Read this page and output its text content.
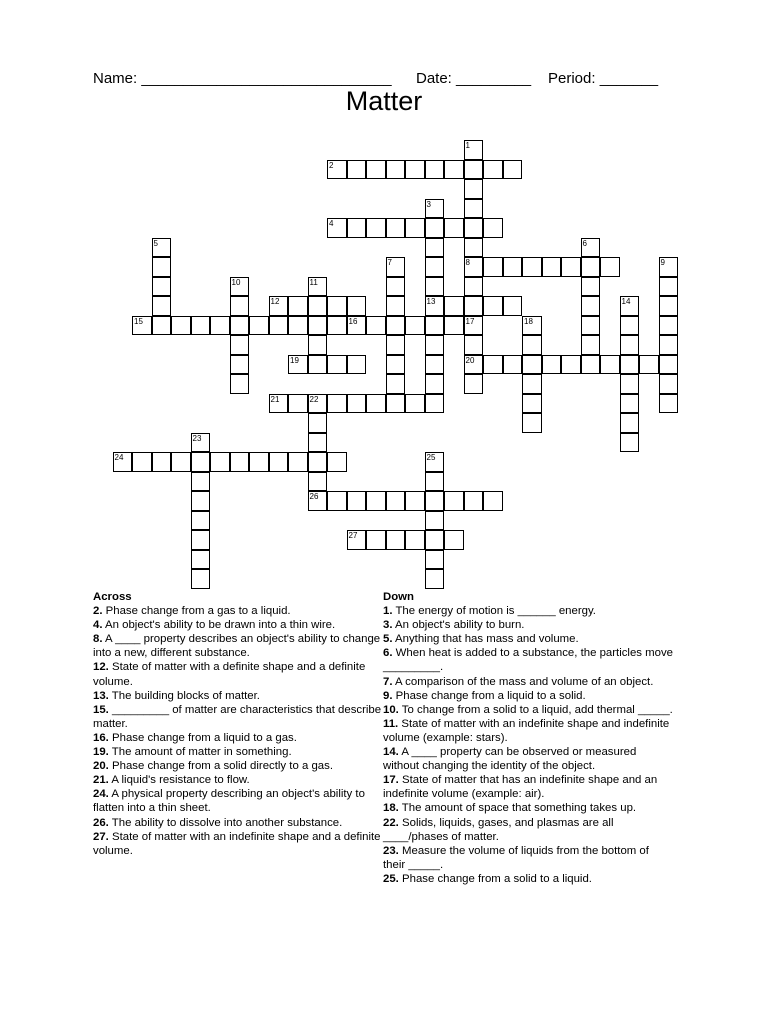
Name: ______________________________ Date: _________ Period: _______
Matter
1
8
17
20
2
3
13
4
5	6
7	9
10	11
12	14
15	16	18
19
21	22
23
24	25
26
27
Across
2. Phase change from a gas to a liquid.
4. An object's ability to be drawn into a thin wire.
8. A ____ property describes an object's ability to change into a new, different substance.
12. State of matter with a definite shape and a definite volume.
13. The building blocks of matter.
15. _________ of matter are characteristics that describe matter.
16. Phase change from a liquid to a gas.
19. The amount of matter in something.
20. Phase change from a solid directly to a gas.
21. A liquid's resistance to flow.
24. A physical property describing an object's ability to flatten into a thin sheet.
26. The ability to dissolve into another substance.
27. State of matter with an indefinite shape and a definite volume.
Down
1. The energy of motion is ______ energy.
3. An object's ability to burn.
5. Anything that has mass and volume.
6. When heat is added to a substance, the particles move _________.
7. A comparison of the mass and volume of an object.
9. Phase change from a liquid to a solid.
10. To change from a solid to a liquid, add thermal _____.
11. State of matter with an indefinite shape and indefinite volume (example: stars).
14. A ____ property can be observed or measured without changing the identity of the object.
17. State of matter that has an indefinite shape and an indefinite volume (example: air).
18. The amount of space that something takes up.
22. Solids, liquids, gases, and plasmas are all ____/phases of matter.
23. Measure the volume of liquids from the bottom of their _____.
25. Phase change from a solid to a liquid.
